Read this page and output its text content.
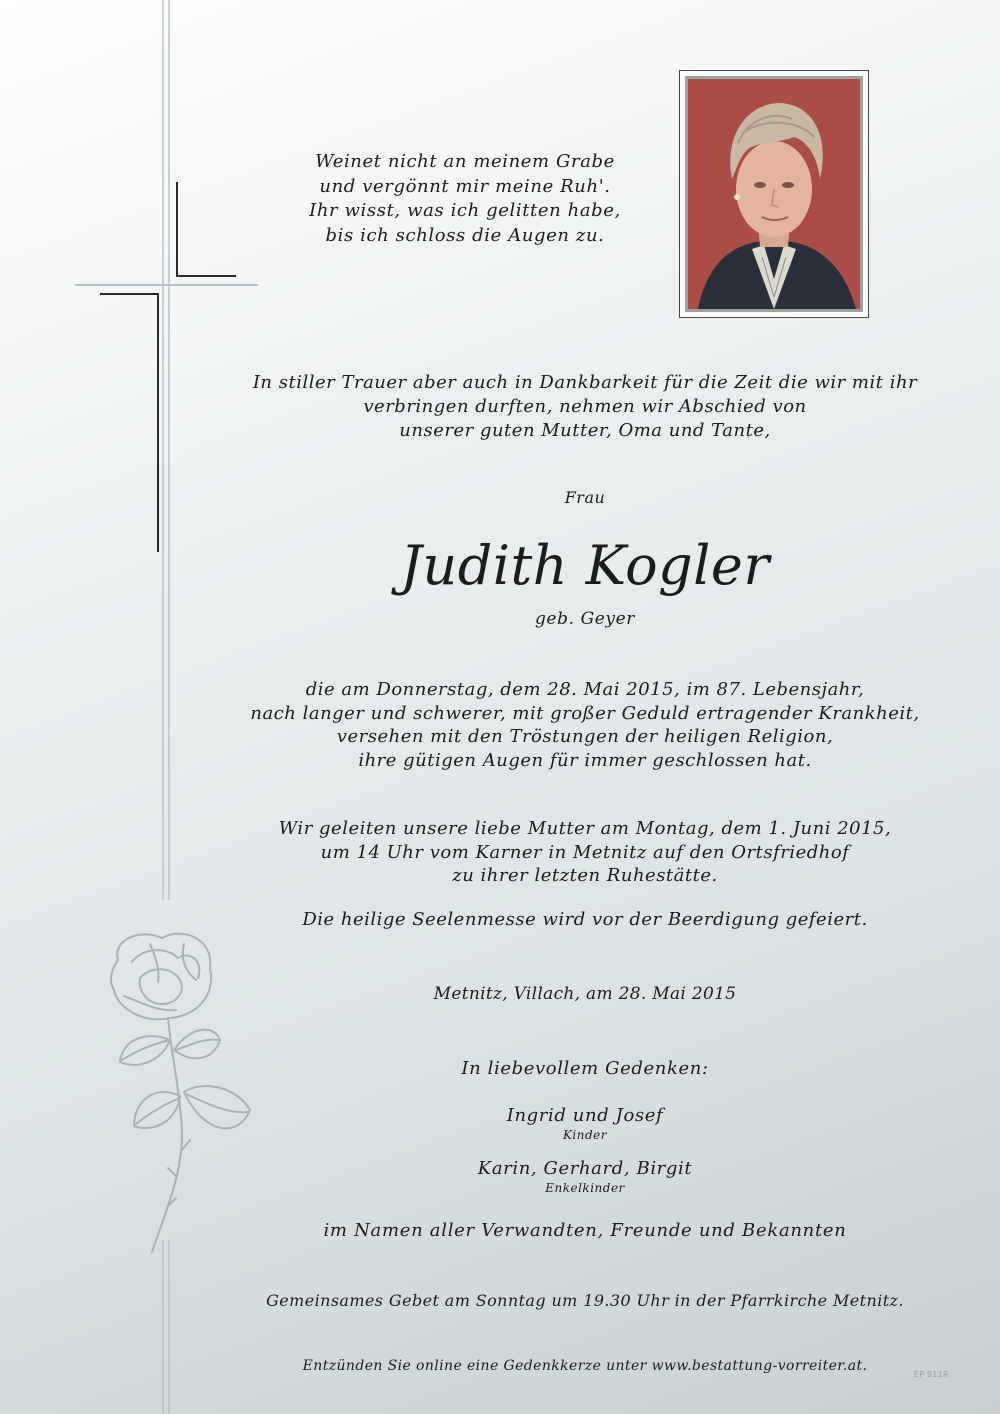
Weinet nicht an meinem Grabe
und vergönnt mir meine Ruh'.
Ihr wisst, was ich gelitten habe,
bis ich schloss die Augen zu.
In stiller Trauer aber auch in Dankbarkeit für die Zeit die wir mit ihr
verbringen durften, nehmen wir Abschied von
unserer guten Mutter, Oma und Tante,
Frau
Judith Kogler
geb. Geyer
die am Donnerstag, dem 28. Mai 2015, im 87. Lebensjahr,
nach langer und schwerer, mit großer Geduld ertragender Krankheit,
versehen mit den Tröstungen der heiligen Religion,
ihre gütigen Augen für immer geschlossen hat.
Wir geleiten unsere liebe Mutter am Montag, dem 1. Juni 2015,
um 14 Uhr vom Karner in Metnitz auf den Ortsfriedhof
zu ihrer letzten Ruhestätte.
Die heilige Seelenmesse wird vor der Beerdigung gefeiert.
Metnitz, Villach, am 28. Mai 2015
In liebevollem Gedenken:
Ingrid und Josef
Kinder
Karin, Gerhard, Birgit
Enkelkinder
im Namen aller Verwandten, Freunde und Bekannten
Gemeinsames Gebet am Sonntag um 19.30 Uhr in der Pfarrkirche Metnitz.
Entzünden Sie online eine Gedenkkerze unter www.bestattung-vorreiter.at.
EP 911R
